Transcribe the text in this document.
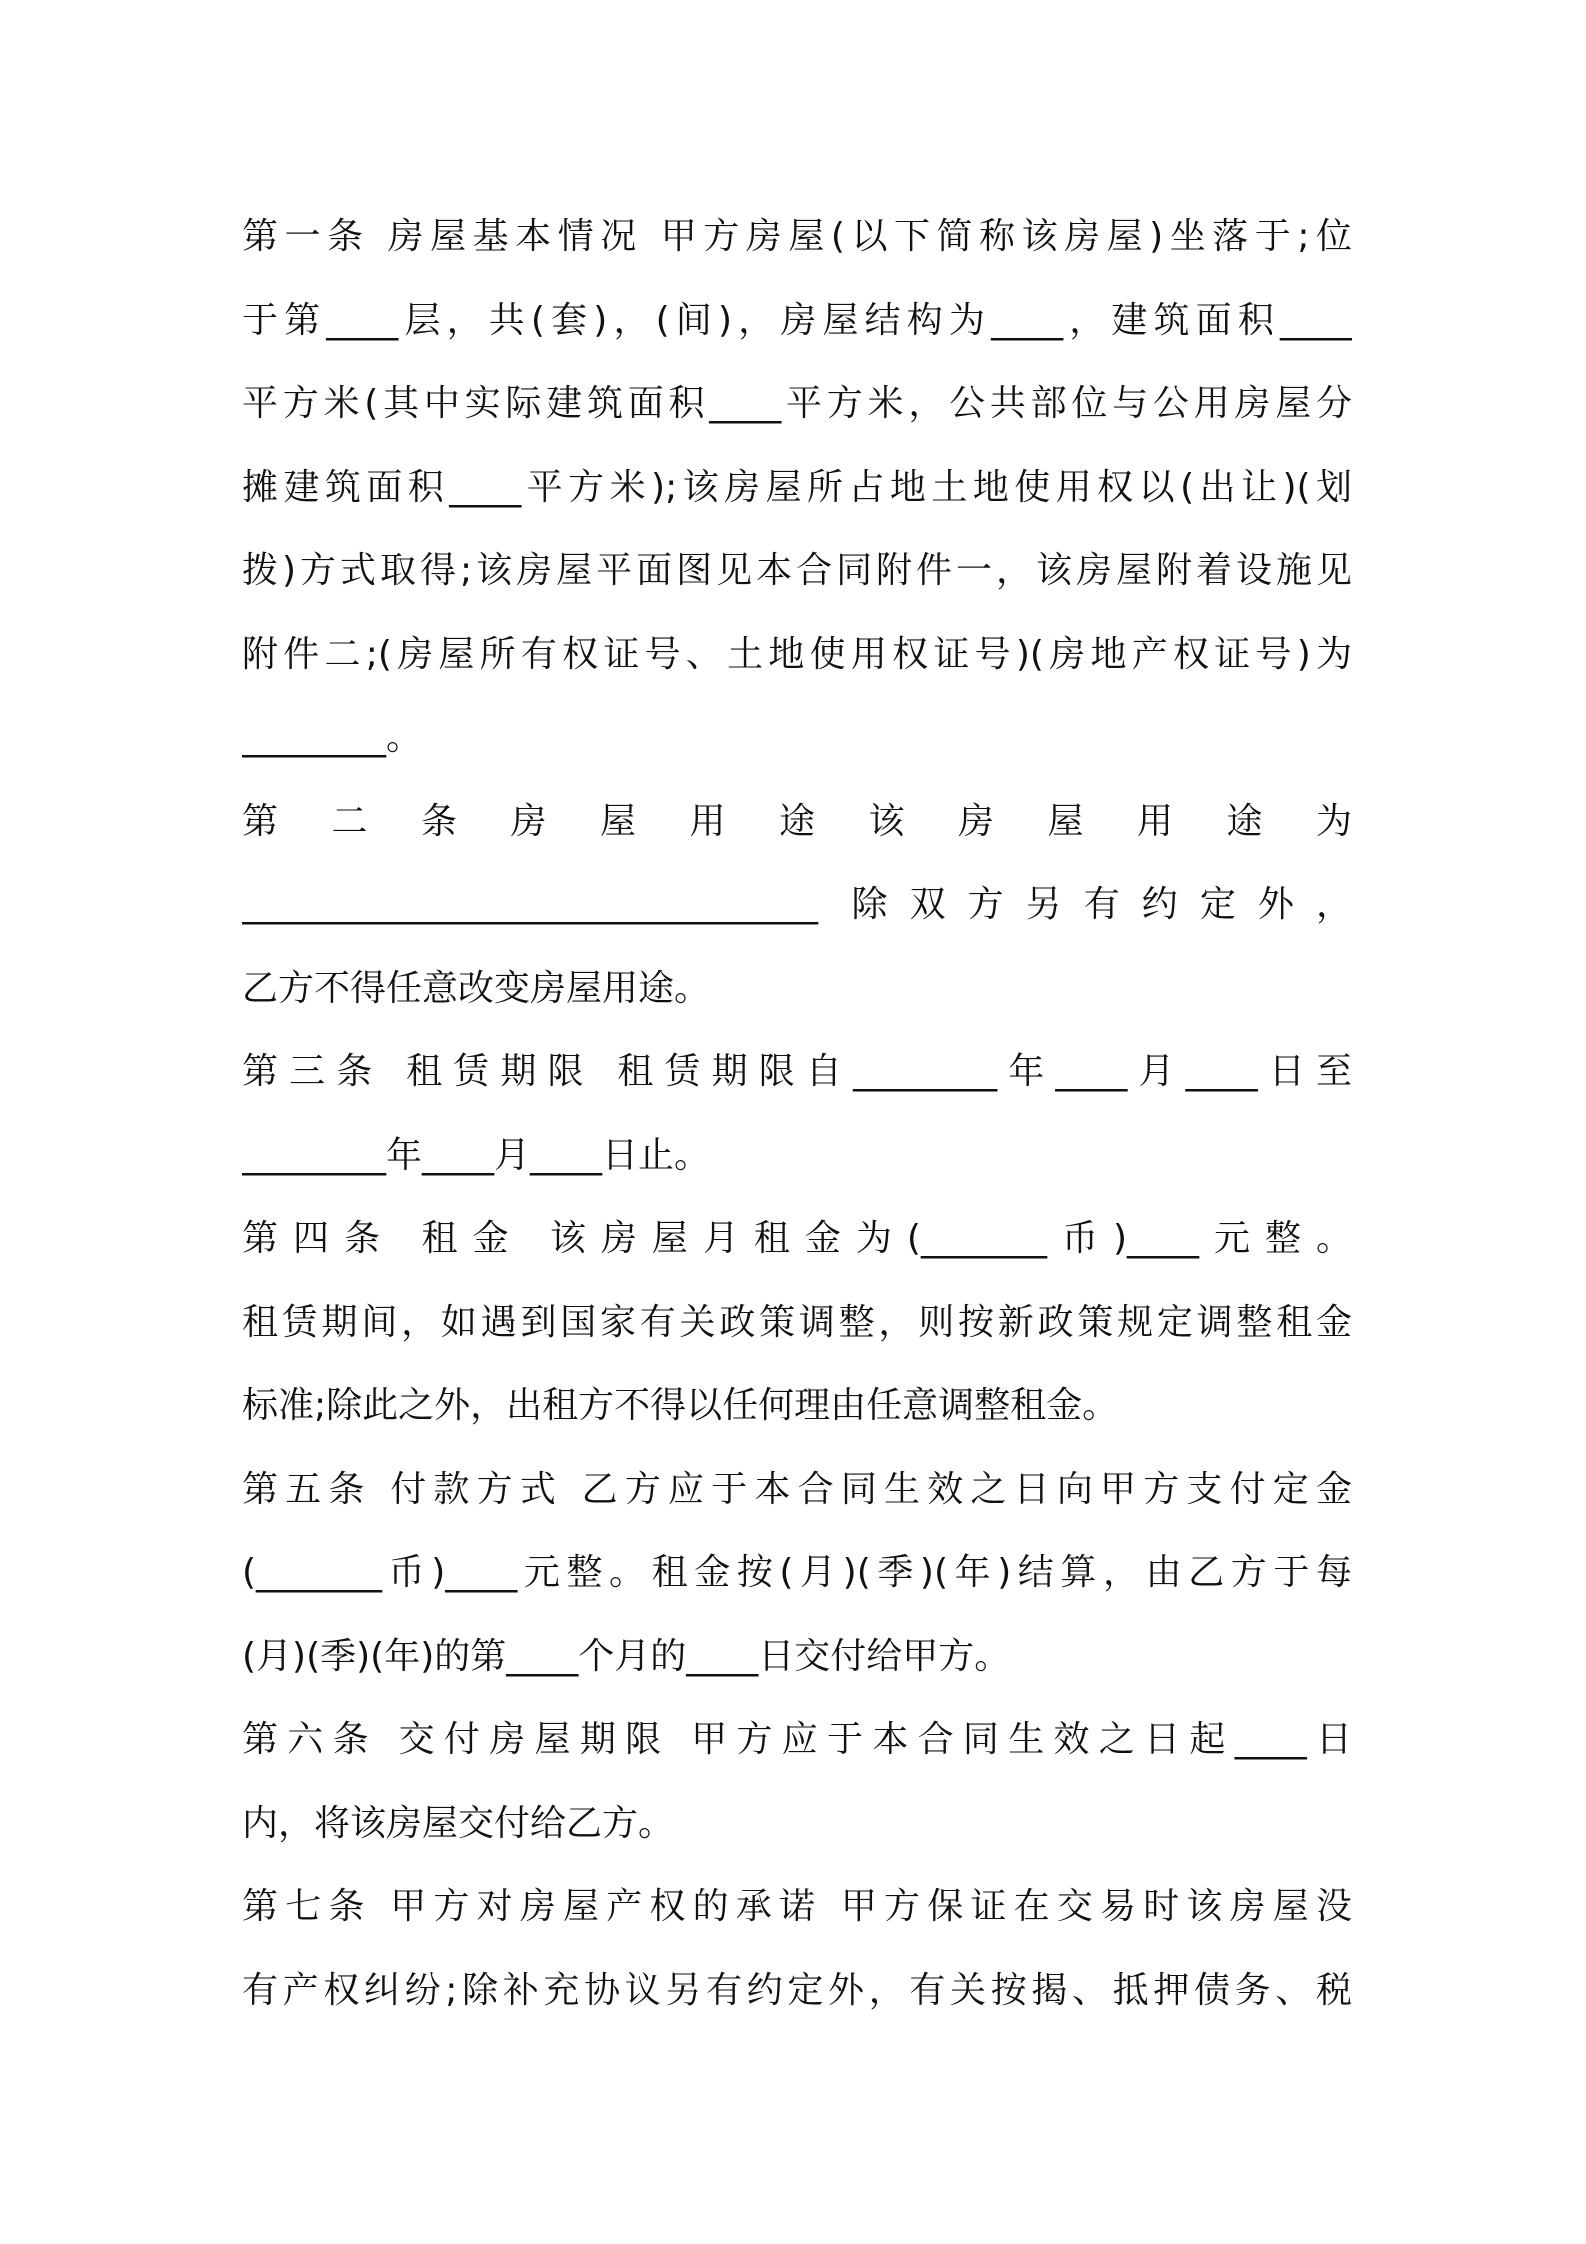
第一条 房屋基本情况 甲方房屋(以下简称该房屋)坐落于;位
于第____层，共(套)，(间)，房屋结构为____，建筑面积____
平方米(其中实际建筑面积____平方米，公共部位与公用房屋分
摊建筑面积____平方米);该房屋所占地土地使用权以(出让)(划
拨)方式取得;该房屋平面图见本合同附件一，该房屋附着设施见
附件二;(房屋所有权证号、土地使用权证号)(房地产权证号)为
________。
第 二 条 房 屋 用 途 该 房 屋 用 途 为
________________________________ 除双方另有约定外，
乙方不得任意改变房屋用途。
第三条 租赁期限 租赁期限自________年____月____日至
________年____月____日止。
第四条 租金 该房屋月租金为(_______币)____元整。
租赁期间，如遇到国家有关政策调整，则按新政策规定调整租金
标准;除此之外，出租方不得以任何理由任意调整租金。
第五条 付款方式 乙方应于本合同生效之日向甲方支付定金
(_______币)____元整。租金按(月)(季)(年)结算，由乙方于每
(月)(季)(年)的第____个月的____日交付给甲方。
第六条 交付房屋期限 甲方应于本合同生效之日起____日
内，将该房屋交付给乙方。
第七条 甲方对房屋产权的承诺 甲方保证在交易时该房屋没
有产权纠纷;除补充协议另有约定外，有关按揭、抵押债务、税
